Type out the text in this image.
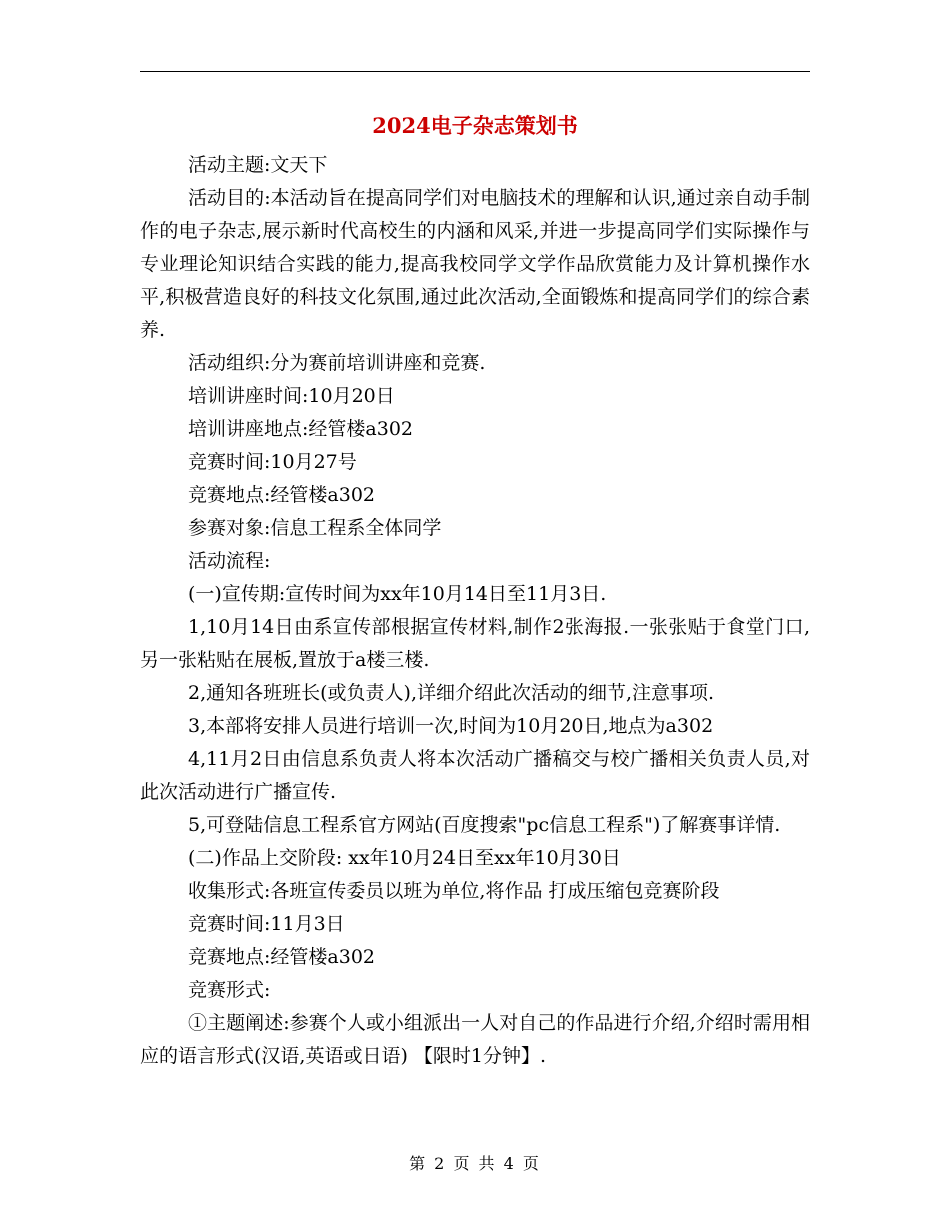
2024电子杂志策划书

活动主题:文天下

活动目的:本活动旨在提高同学们对电脑技术的理解和认识,通过亲自动手制作的电子杂志,展示新时代高校生的内涵和风采,并进一步提高同学们实际操作与专业理论知识结合实践的能力,提高我校同学文学作品欣赏能力及计算机操作水平,积极营造良好的科技文化氛围,通过此次活动,全面锻炼和提高同学们的综合素养.

活动组织:分为赛前培训讲座和竞赛.

培训讲座时间:10月20日

培训讲座地点:经管楼a302

竞赛时间:10月27号

竞赛地点:经管楼a302

参赛对象:信息工程系全体同学

活动流程:

(一)宣传期:宣传时间为xx年10月14日至11月3日.

1,10月14日由系宣传部根据宣传材料,制作2张海报.一张张贴于食堂门口,另一张粘贴在展板,置放于a楼三楼.

2,通知各班班长(或负责人),详细介绍此次活动的细节,注意事项.

3,本部将安排人员进行培训一次,时间为10月20日,地点为a302

4,11月2日由信息系负责人将本次活动广播稿交与校广播相关负责人员,对此次活动进行广播宣传.

5,可登陆信息工程系官方网站(百度搜索"pc信息工程系")了解赛事详情.

(二)作品上交阶段: xx年10月24日至xx年10月30日

收集形式:各班宣传委员以班为单位,将作品 打成压缩包竞赛阶段

竞赛时间:11月3日

竞赛地点:经管楼a302

竞赛形式:

①主题阐述:参赛个人或小组派出一人对自己的作品进行介绍,介绍时需用相应的语言形式(汉语,英语或日语) 【限时1分钟】.

第 2 页 共 4 页
